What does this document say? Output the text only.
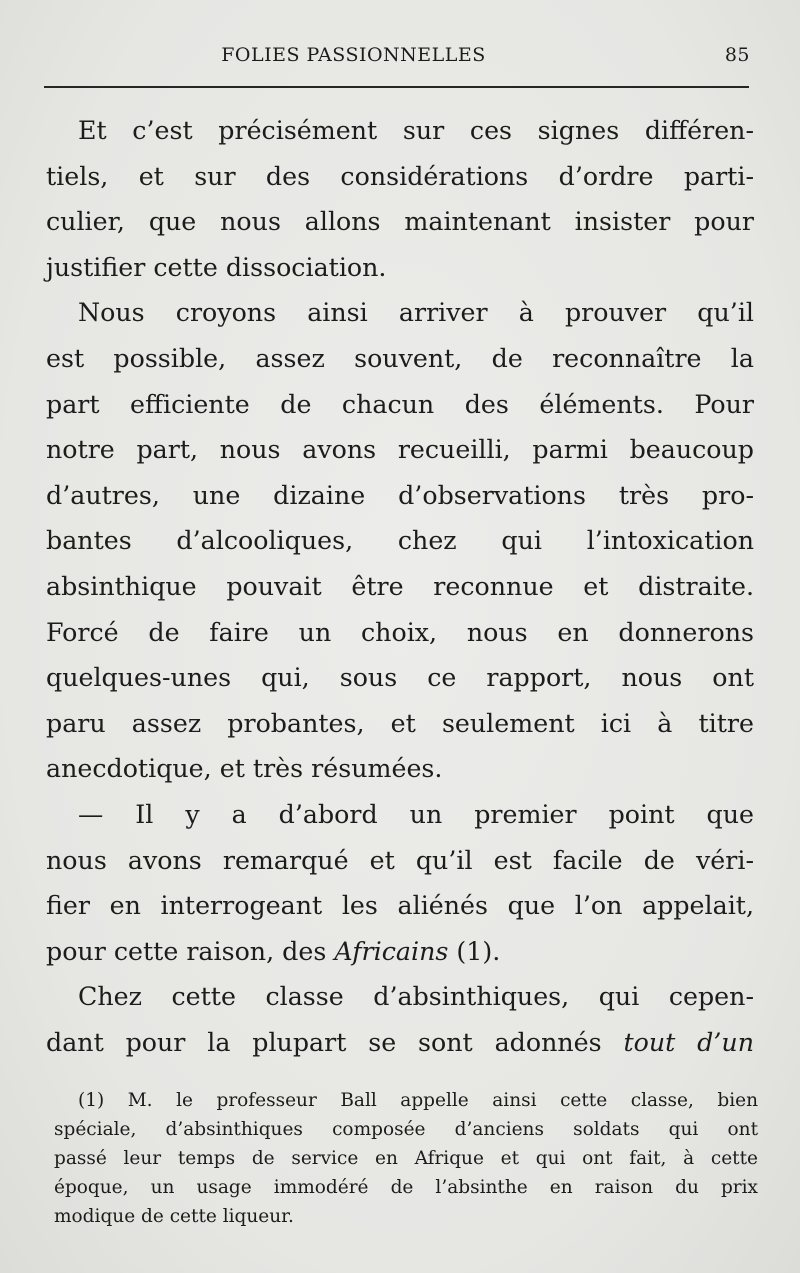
FOLIES PASSIONNELLES	85
Et c’est précisément sur ces signes différen-
tiels, et sur des considérations d’ordre parti-
culier, que nous allons maintenant insister pour
justifier cette dissociation.
Nous croyons ainsi arriver à prouver qu’il
est possible, assez souvent, de reconnaître la
part efficiente de chacun des éléments. Pour
notre part, nous avons recueilli, parmi beaucoup
d’autres, une dizaine d’observations très pro-
bantes d’alcooliques, chez qui l’intoxication
absinthique pouvait être reconnue et distraite.
Forcé de faire un choix, nous en donnerons
quelques-unes qui, sous ce rapport, nous ont
paru assez probantes, et seulement ici à titre
anecdotique, et très résumées.
— Il y a d’abord un premier point que
nous avons remarqué et qu’il est facile de véri-
fier en interrogeant les aliénés que l’on appelait,
pour cette raison, des Africains (1).
Chez cette classe d’absinthiques, qui cepen-
dant pour la plupart se sont adonnés tout d’un
(1) M. le professeur Ball appelle ainsi cette classe, bien
spéciale, d’absinthiques composée d’anciens soldats qui ont
passé leur temps de service en Afrique et qui ont fait, à cette
époque, un usage immodéré de l’absinthe en raison du prix
modique de cette liqueur.
